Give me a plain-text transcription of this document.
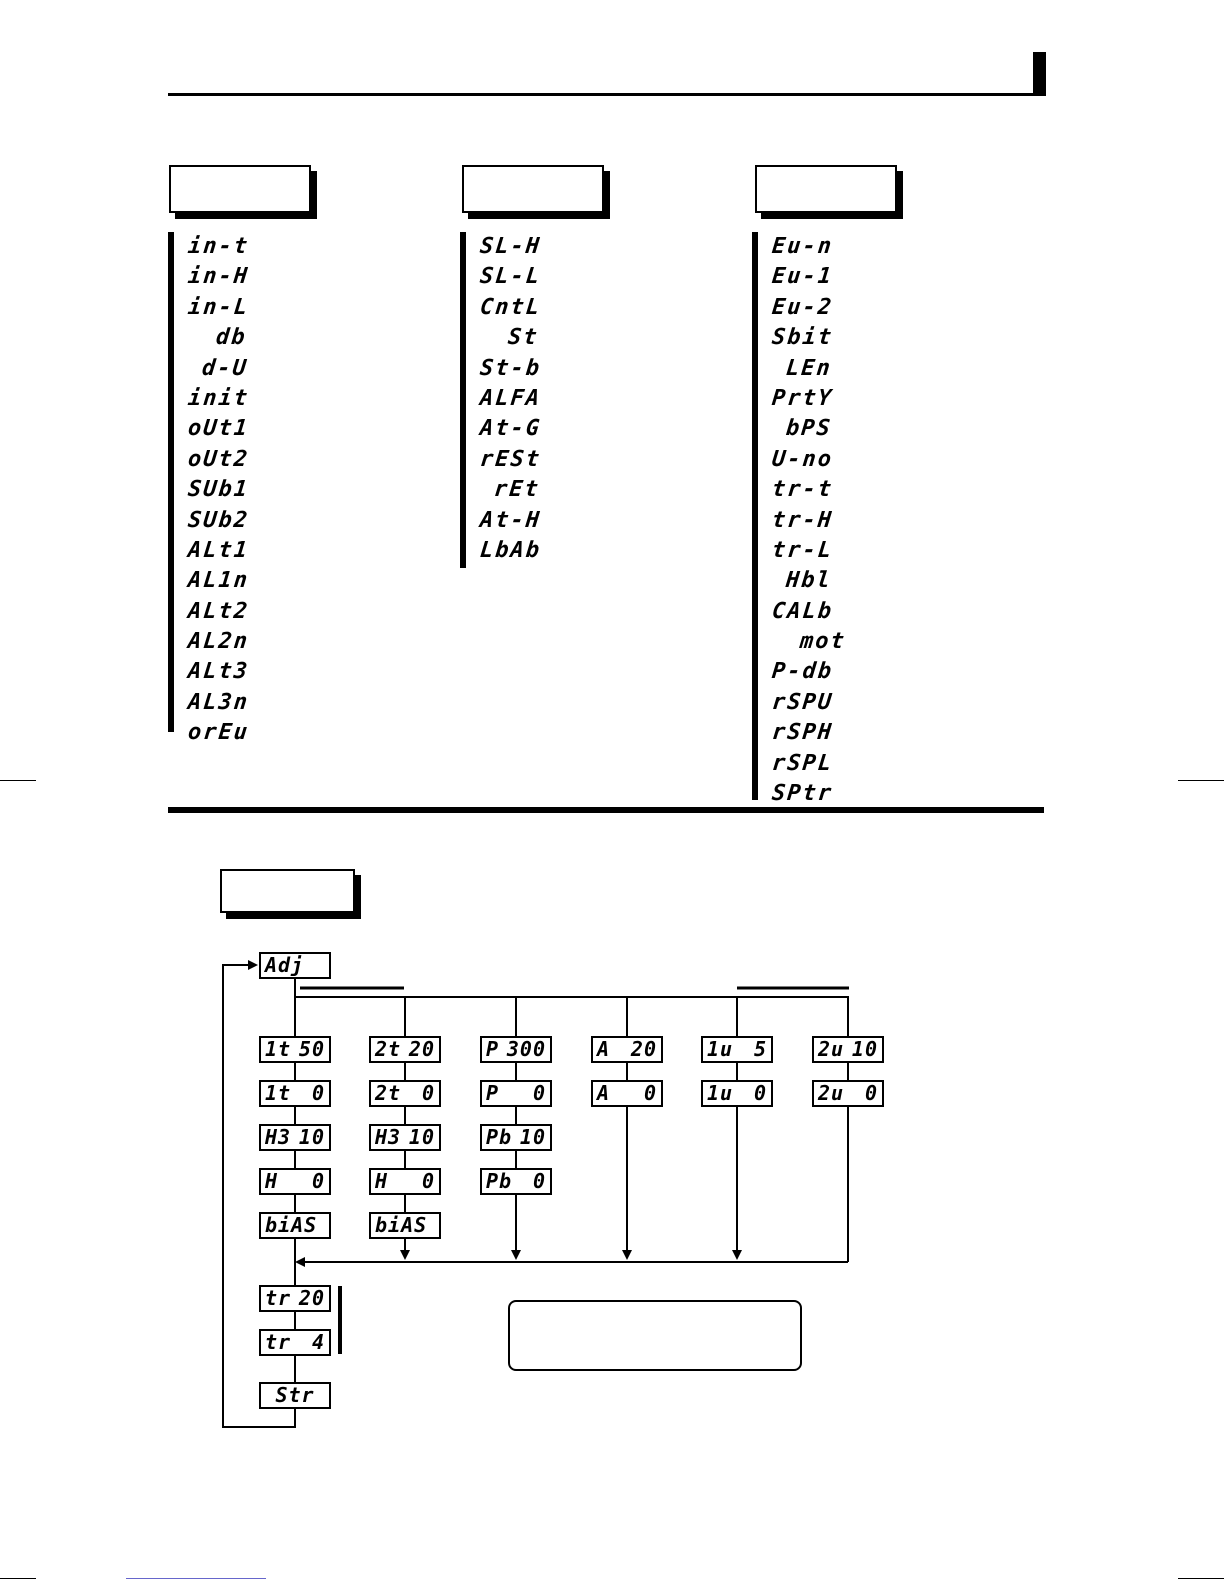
in-t
in-H
in-L
db
d-U
init
oUt1
oUt2
SUb1
SUb2
ALt1
AL1n
ALt2
AL2n
ALt3
AL3n
orEu
SL-H
SL-L
CntL
St
St-b
ALFA
At-G
rESt
rEt
At-H
LbAb
Eu-n
Eu-1
Eu-2
Sbit
LEn
PrtY
bPS
U-no
tr-t
tr-H
tr-L
Hbl
CALb
mot
P-db
rSPU
rSPH
rSPL
SPtr
Adj
1t 50
1t 0
H3 10
H 0
biAS
2t 20
2t 0
H3 10
H 0
biAS
P 300
P 0
Pb 10
Pb 0
A 20
A 0
1u 5
1u 0
2u 10
2u 0
tr 20
tr 4
Str
